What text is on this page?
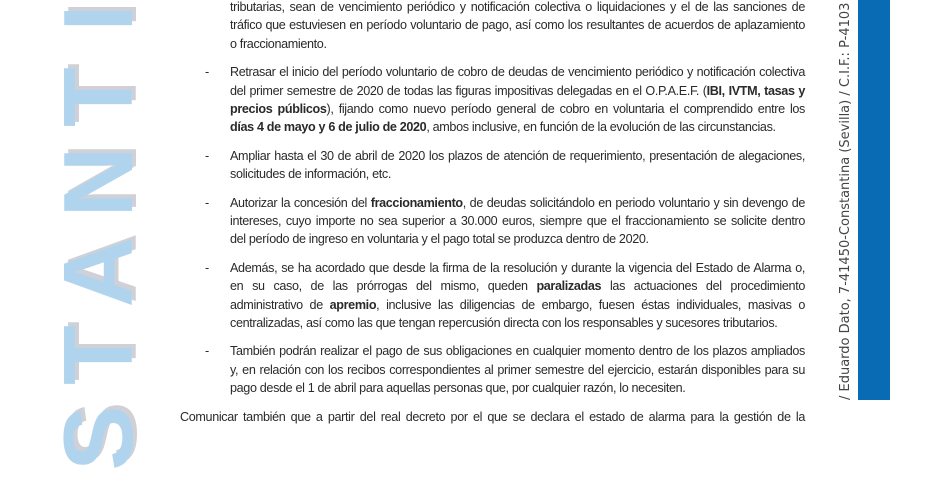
S
T
A
N
T
I	tributarias, sean de vencimiento periódico y notificación colectiva o liquidaciones y el de las sanciones de
tráfico que estuviesen en período voluntario de pago, así como los resultantes de acuerdos de aplazamiento
o fraccionamiento.
- Retrasar el inicio del período voluntario de cobro de deudas de vencimiento periódico y notificación colectiva
del primer semestre de 2020 de todas las figuras impositivas delegadas en el O.P.A.E.F. (IBI, IVTM, tasas y
precios públicos), fijando como nuevo período general de cobro en voluntaria el comprendido entre los
días 4 de mayo y 6 de julio de 2020, ambos inclusive, en función de la evolución de las circunstancias.
- Ampliar hasta el 30 de abril de 2020 los plazos de atención de requerimiento, presentación de alegaciones,
solicitudes de información, etc.
- Autorizar la concesión del fraccionamiento, de deudas solicitándolo en periodo voluntario y sin devengo de
intereses, cuyo importe no sea superior a 30.000 euros, siempre que el fraccionamiento se solicite dentro
del período de ingreso en voluntaria y el pago total se produzca dentro de 2020.
- Además, se ha acordado que desde la firma de la resolución y durante la vigencia del Estado de Alarma o,
en su caso, de las prórrogas del mismo, queden paralizadas las actuaciones del procedimiento
administrativo de apremio, inclusive las diligencias de embargo, fuesen éstas individuales, masivas o
centralizadas, así como las que tengan repercusión directa con los responsables y sucesores tributarios.
- También podrán realizar el pago de sus obligaciones en cualquier momento dentro de los plazos ampliados
y, en relación con los recibos correspondientes al primer semestre del ejercicio, estarán disponibles para su
pago desde el 1 de abril para aquellas personas que, por cualquier razón, lo necesiten.
Comunicar también que a partir del real decreto por el que se declara el estado de alarma para la gestión de la
/ Eduardo Dato, 7-41450-Constantina (Sevilla) / C.I.F.: P-4103
